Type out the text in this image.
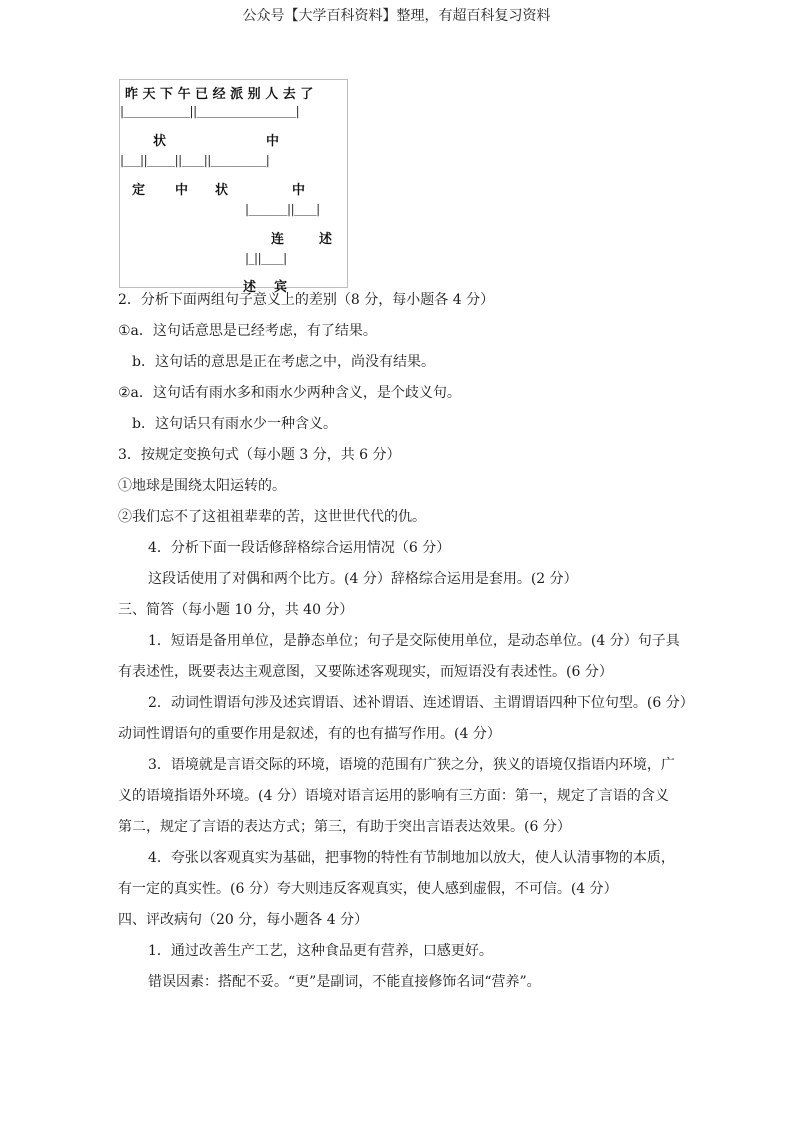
公众号【大学百科资料】整理，有超百科复习资料
昨 天 下 午 已 经 派 别 人 去 了
|____________||__________________|
状	中
|___||_____||____||__________|
定 中 状	中
|_______||____|
连	述
|_||____|
述 宾
2．分析下面两组句子意义上的差别（8 分，每小题各 4 分）
①a．这句话意思是已经考虑，有了结果。
b．这句话的意思是正在考虑之中，尚没有结果。
②a．这句话有雨水多和雨水少两种含义，是个歧义句。
b．这句话只有雨水少一种含义。
3．按规定变换句式（每小题 3 分，共 6 分）
①地球是围绕太阳运转的。
②我们忘不了这祖祖辈辈的苦，这世世代代的仇。
4．分析下面一段话修辞格综合运用情况（6 分）
这段话使用了对偶和两个比方。(4 分）辞格综合运用是套用。(2 分）
三、简答（每小题 10 分，共 40 分）
1．短语是备用单位，是静态单位；句子是交际使用单位，是动态单位。(4 分）句子具
有表述性，既要表达主观意图，又要陈述客观现实，而短语没有表述性。(6 分）
2．动词性谓语句涉及述宾谓语、述补谓语、连述谓语、主谓谓语四种下位句型。(6 分）
动词性谓语句的重要作用是叙述，有的也有描写作用。(4 分）
3．语境就是言语交际的环境，语境的范围有广狭之分，狭义的语境仅指语内环境，广
义的语境指语外环境。(4 分）语境对语言运用的影响有三方面：第一，规定了言语的含义
第二，规定了言语的表达方式；第三，有助于突出言语表达效果。(6 分）
4．夸张以客观真实为基础，把事物的特性有节制地加以放大，使人认清事物的本质，
有一定的真实性。(6 分）夸大则违反客观真实，使人感到虚假，不可信。(4 分）
四、评改病句（20 分，每小题各 4 分）
1．通过改善生产工艺，这种食品更有营养，口感更好。
错误因素：搭配不妥。“更”是副词，不能直接修饰名词“营养”。
